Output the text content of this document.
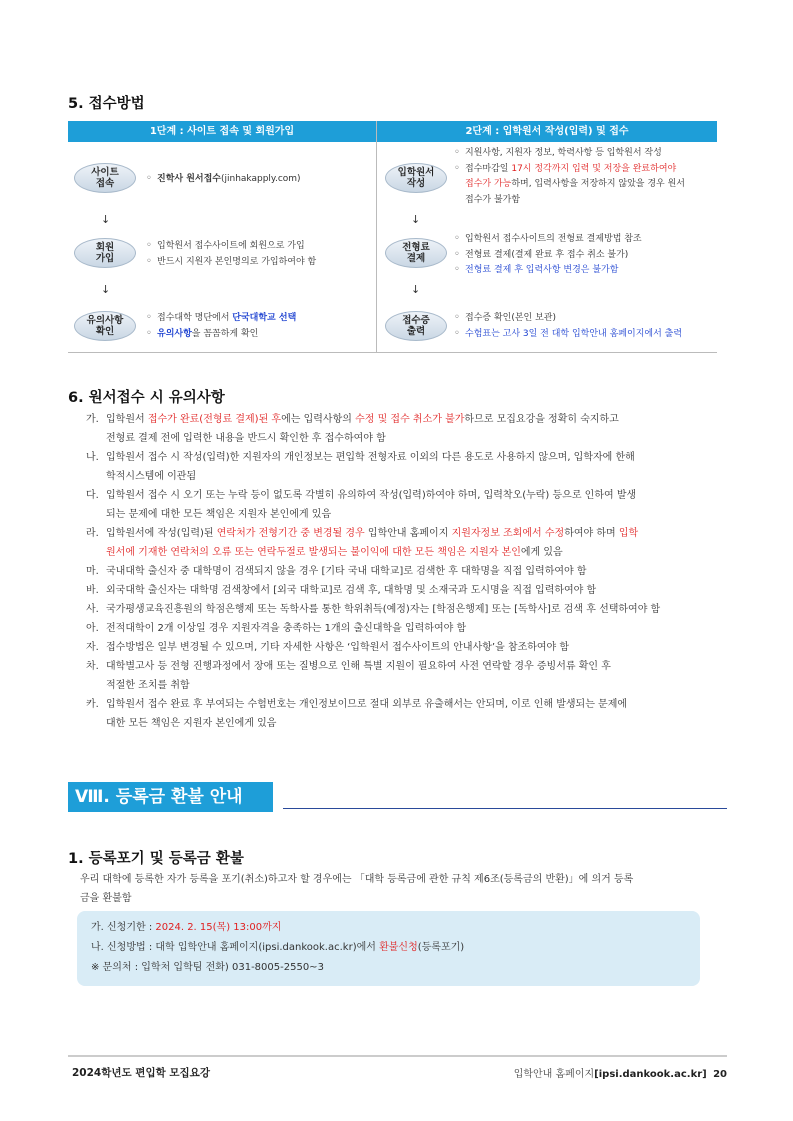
5. 접수방법
1단계 : 사이트 접속 및 회원가입
사이트
접속
◦	진학사 원서접수(jinhakapply.com)
↓
회원
가입
◦ 입학원서 접수사이트에 회원으로 가입
◦ 반드시 지원자 본인명의로 가입하여야 함
↓
유의사항
확인
◦ 접수대학 명단에서 단국대학교 선택
◦ 유의사항을 꼼꼼하게 확인
2단계 : 입학원서 작성(입력) 및 접수
입학원서
작성
◦ 지원사항, 지원자 정보, 학력사항 등 입학원서 작성
◦ 접수마감일 17시 정각까지 입력 및 저장을 완료하여야
접수가 가능하며, 입력사항을 저장하지 않았을 경우 원서
접수가 불가함
↓
전형료
결제
◦ 입학원서 접수사이트의 전형료 결제방법 참조
◦ 전형료 결제(결제 완료 후 접수 취소 불가)
◦ 전형료 결제 후 입력사항 변경은 불가함
↓
접수증
출력
◦ 접수증 확인(본인 보관)
◦ 수험표는 고사 3일 전 대학 입학안내 홈페이지에서 출력
6. 원서접수 시 유의사항
가. 입학원서 접수가 완료(전형료 결제)된 후에는 입력사항의 수정 및 접수 취소가 불가하므로 모집요강을 정확히 숙지하고
전형료 결제 전에 입력한 내용을 반드시 확인한 후 접수하여야 함
나. 입학원서 접수 시 작성(입력)한 지원자의 개인정보는 편입학 전형자료 이외의 다른 용도로 사용하지 않으며, 입학자에 한해
학적시스템에 이관됨
다. 입학원서 접수 시 오기 또는 누락 등이 없도록 각별히 유의하여 작성(입력)하여야 하며, 입력착오(누락) 등으로 인하여 발생
되는 문제에 대한 모든 책임은 지원자 본인에게 있음
라. 입학원서에 작성(입력)된 연락처가 전형기간 중 변경될 경우 입학안내 홈페이지 지원자정보 조회에서 수정하여야 하며 입학
원서에 기재한 연락처의 오류 또는 연락두절로 발생되는 불이익에 대한 모든 책임은 지원자 본인에게 있음
마. 국내대학 출신자 중 대학명이 검색되지 않을 경우 [기타 국내 대학교]로 검색한 후 대학명을 직접 입력하여야 함
바. 외국대학 출신자는 대학명 검색창에서 [외국 대학교]로 검색 후, 대학명 및 소재국과 도시명을 직접 입력하여야 함
사. 국가평생교육진흥원의 학점은행제 또는 독학사를 통한 학위취득(예정)자는 [학점은행제] 또는 [독학사]로 검색 후 선택하여야 함
아. 전적대학이 2개 이상일 경우 지원자격을 충족하는 1개의 출신대학을 입력하여야 함
자. 접수방법은 일부 변경될 수 있으며, 기타 자세한 사항은 ‘입학원서 접수사이트의 안내사항’을 참조하여야 함
차. 대학별고사 등 전형 진행과정에서 장애 또는 질병으로 인해 특별 지원이 필요하여 사전 연락할 경우 증빙서류 확인 후
적절한 조치를 취함
카. 입학원서 접수 완료 후 부여되는 수험번호는 개인정보이므로 절대 외부로 유출해서는 안되며, 이로 인해 발생되는 문제에
대한 모든 책임은 지원자 본인에게 있음
Ⅷ. 등록금 환불 안내
1. 등록포기 및 등록금 환불
우리 대학에 등록한 자가 등록을 포기(취소)하고자 할 경우에는 「대학 등록금에 관한 규칙 제6조(등록금의 반환)」에 의거 등록
금을 환불함
가. 신청기한 : 2024. 2. 15(목) 13:00까지
나. 신청방법 : 대학 입학안내 홈페이지(ipsi.dankook.ac.kr)에서 환불신청(등록포기)
※ 문의처 : 입학처 입학팀 전화) 031-8005-2550~3
2024학년도 편입학 모집요강	입학안내 홈페이지[ipsi.dankook.ac.kr] 20
